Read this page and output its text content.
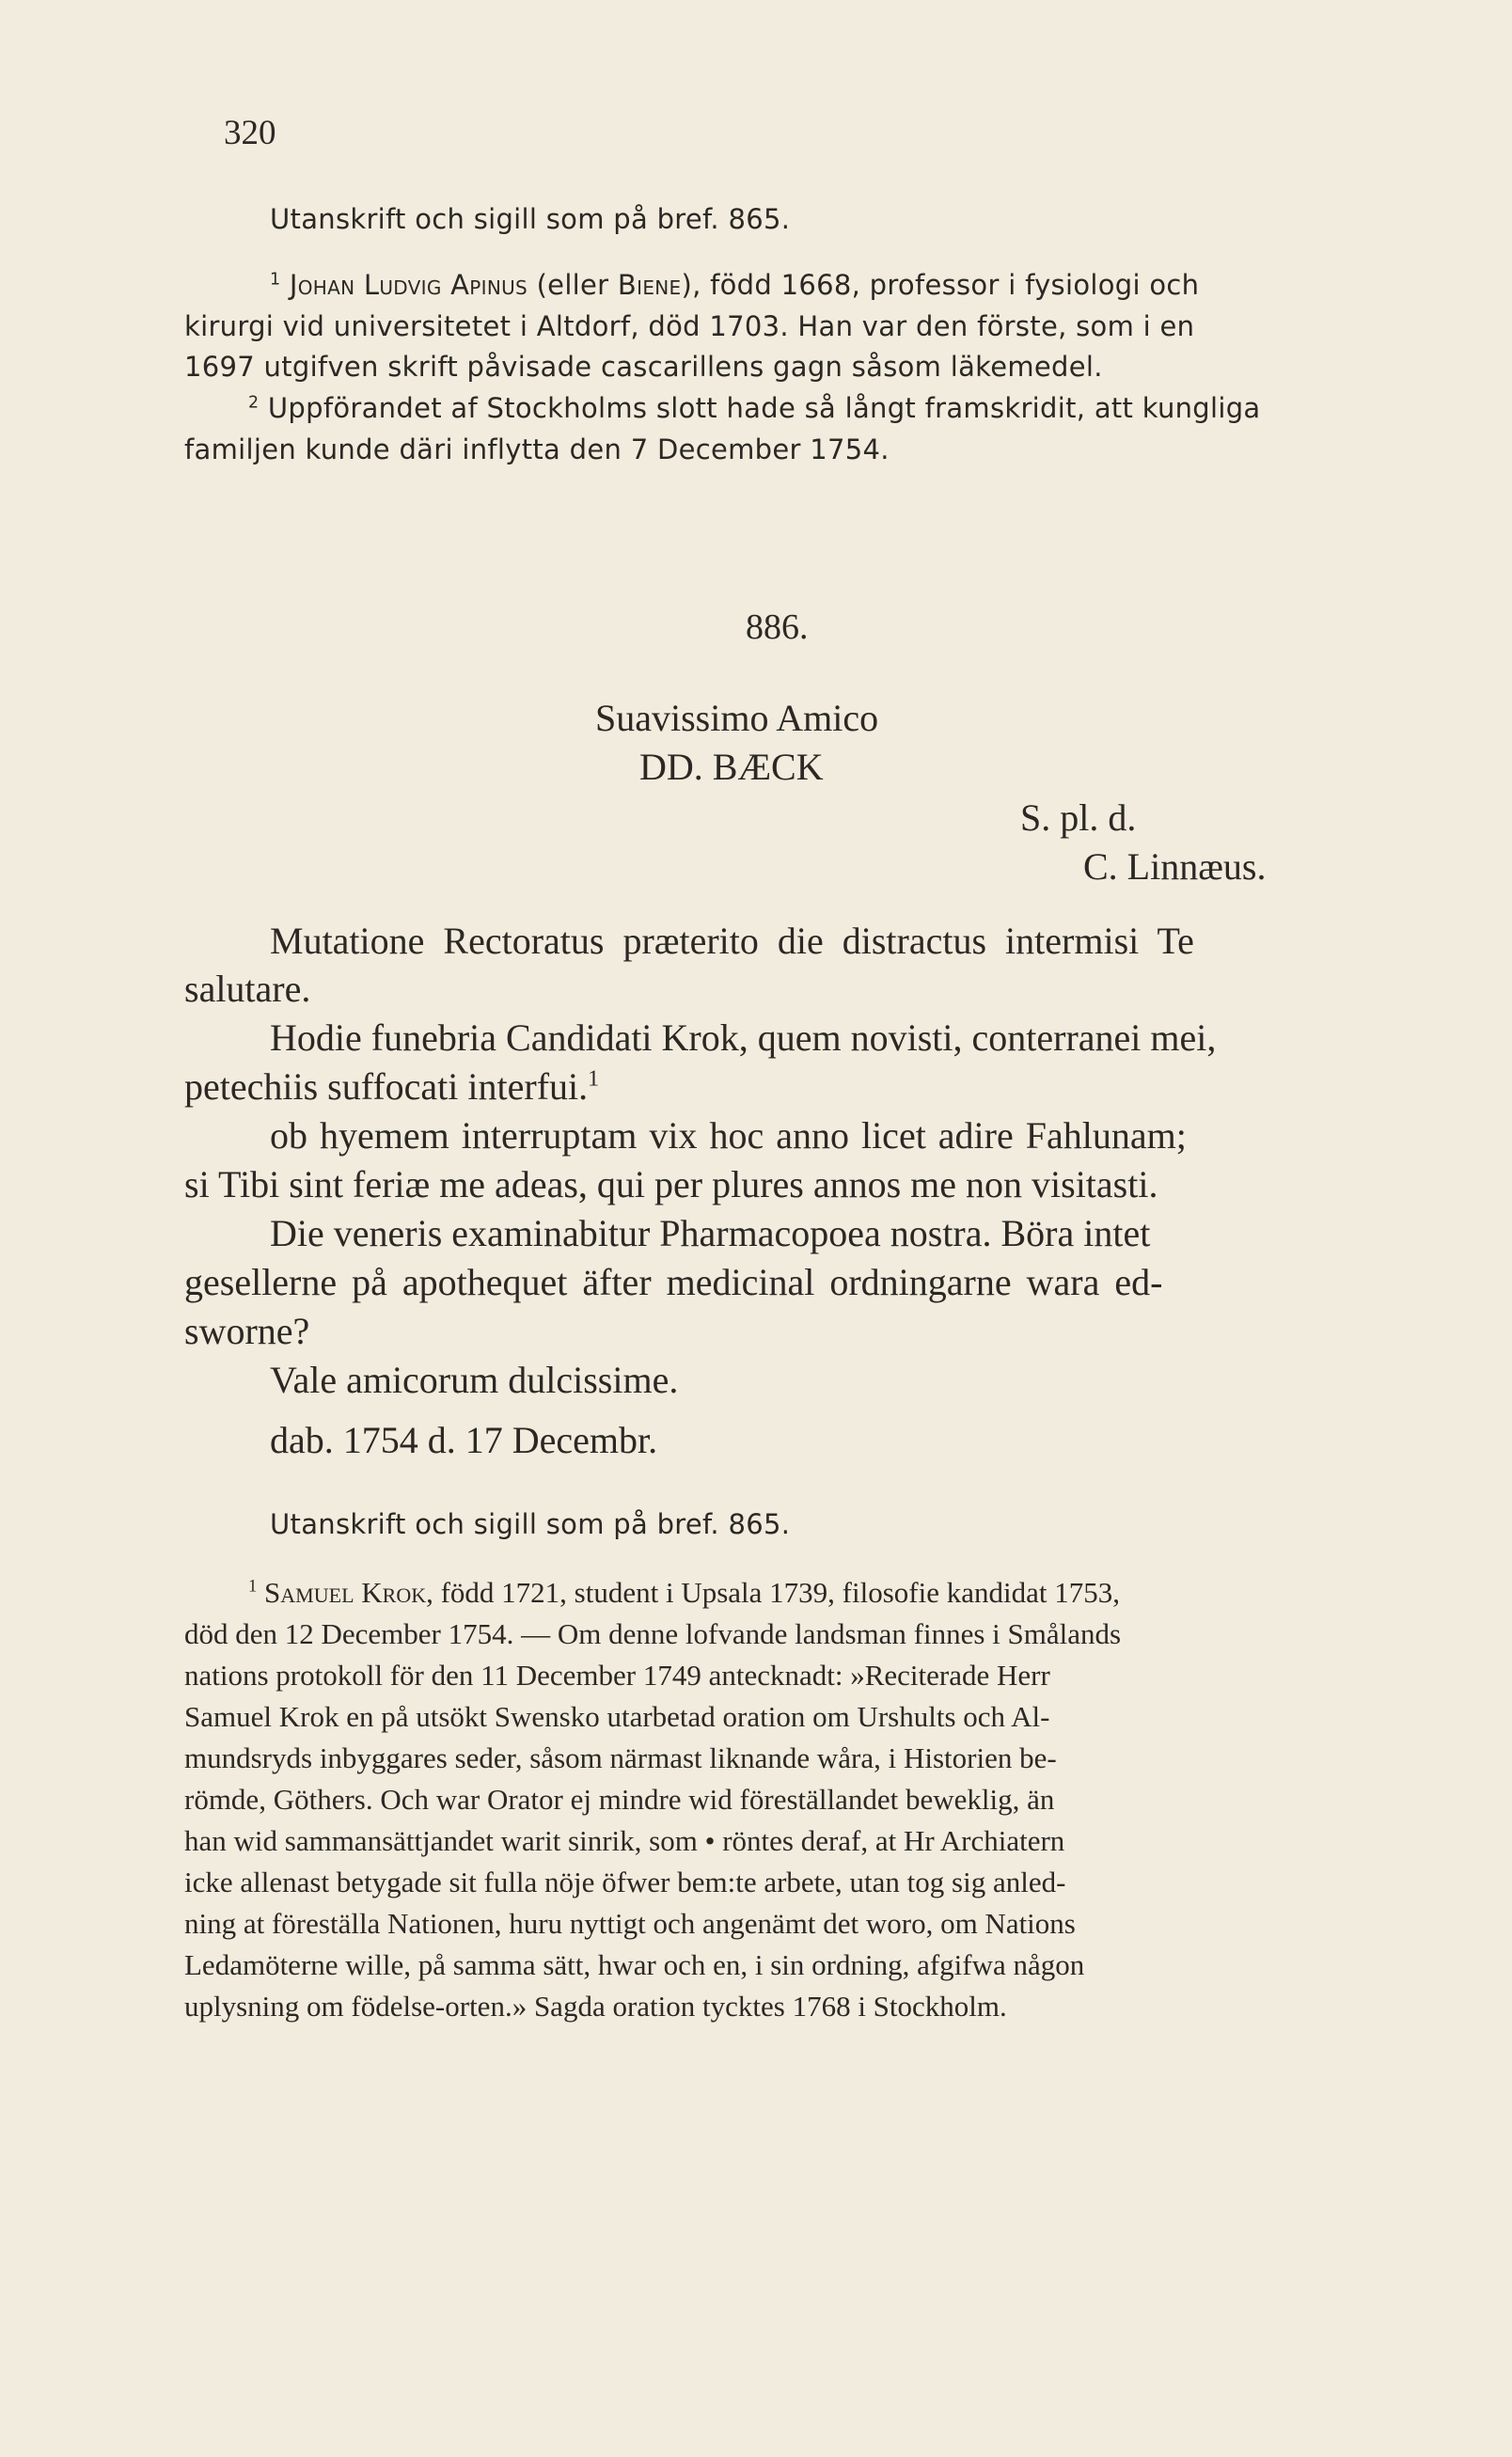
320
Utanskrift och sigill som på bref. 865.
$^1$ Johan Ludvig Apinus (eller Biene), född 1668, professor i fysiologi och
kirurgi vid universitetet i Altdorf, död 1703. Han var den förste, som i en
1697 utgifven skrift påvisade cascarillens gagn såsom läkemedel.
$^2$ Uppförandet af Stockholms slott hade så långt framskridit, att kungliga
familjen kunde däri inflytta den 7 December 1754.
886.
Suavissimo Amico
DD. BÆCK
S. pl. d.
C. Linnæus.
Mutatione Rectoratus præterito die distractus intermisi Te
salutare.
Hodie funebria Candidati Krok, quem novisti, conterranei mei,
petechiis suffocati interfui.$^1$
ob hyemem interruptam vix hoc anno licet adire Fahlunam;
si Tibi sint feriæ me adeas, qui per plures annos me non visitasti.
Die veneris examinabitur Pharmacopoea nostra. Böra intet
gesellerne på apothequet äfter medicinal ordningarne wara ed-
sworne?
Vale amicorum dulcissime.
dab. 1754 d. 17 Decembr.
Utanskrift och sigill som på bref. 865.
$^1$ Samuel Krok, född 1721, student i Upsala 1739, filosofie kandidat 1753,
död den 12 December 1754. — Om denne lofvande landsman finnes i Smålands
nations protokoll för den 11 December 1749 antecknadt: »Reciterade Herr
Samuel Krok en på utsökt Swensko utarbetad oration om Urshults och Al-
mundsryds inbyggares seder, såsom närmast liknande wåra, i Historien be-
römde, Göthers. Och war Orator ej mindre wid föreställandet beweklig, än
han wid sammansättjandet warit sinrik, som • röntes deraf, at Hr Archiatern
icke allenast betygade sit fulla nöje öfwer bem:te arbete, utan tog sig anled-
ning at föreställa Nationen, huru nyttigt och angenämt det woro, om Nations
Ledamöterne wille, på samma sätt, hwar och en, i sin ordning, afgifwa någon
uplysning om födelse-orten.» Sagda oration tycktes 1768 i Stockholm.
